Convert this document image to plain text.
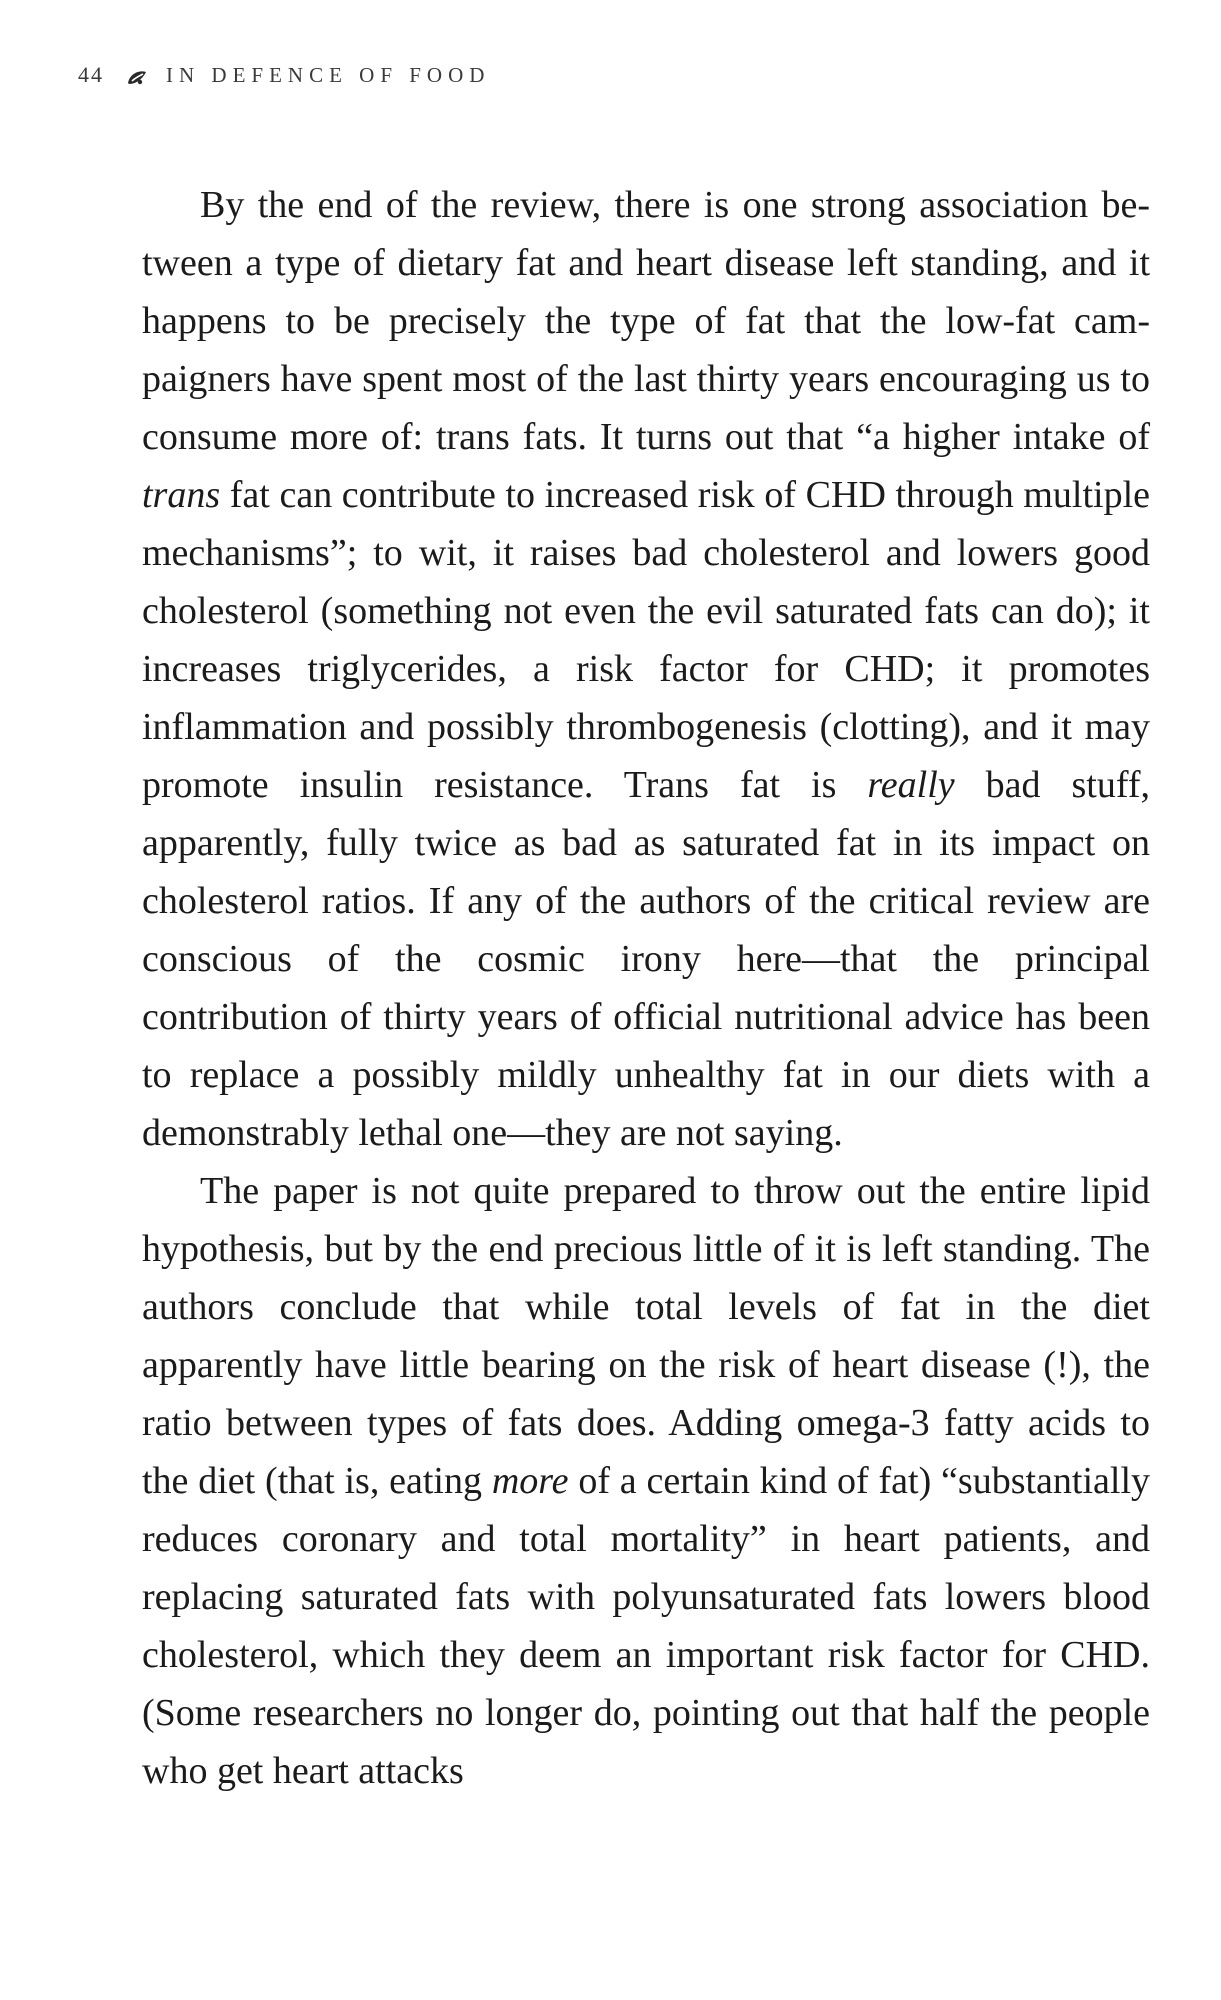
44	IN DEFENCE OF FOOD

By the end of the review, there is one strong association between a type of dietary fat and heart disease left standing, and it happens to be precisely the type of fat that the low-fat campaigners have spent most of the last thirty years encouraging us to consume more of: trans fats. It turns out that “a higher intake of trans fat can contribute to increased risk of CHD through multiple mechanisms”; to wit, it raises bad cholesterol and lowers good cholesterol (something not even the evil saturated fats can do); it increases triglycerides, a risk factor for CHD; it promotes inflammation and possibly thrombogenesis (clotting), and it may promote insulin resistance. Trans fat is really bad stuff, apparently, fully twice as bad as saturated fat in its impact on cholesterol ratios. If any of the authors of the critical review are conscious of the cosmic irony here—that the principal contribution of thirty years of official nutritional advice has been to replace a possibly mildly unhealthy fat in our diets with a demonstrably lethal one—they are not saying.

The paper is not quite prepared to throw out the entire lipid hypothesis, but by the end precious little of it is left standing. The authors conclude that while total levels of fat in the diet apparently have little bearing on the risk of heart disease (!), the ratio between types of fats does. Adding omega-3 fatty acids to the diet (that is, eating more of a certain kind of fat) “substantially reduces coronary and total mortality” in heart patients, and replacing saturated fats with polyunsaturated fats lowers blood cholesterol, which they deem an important risk factor for CHD. (Some researchers no longer do, pointing out that half the people who get heart attacks
